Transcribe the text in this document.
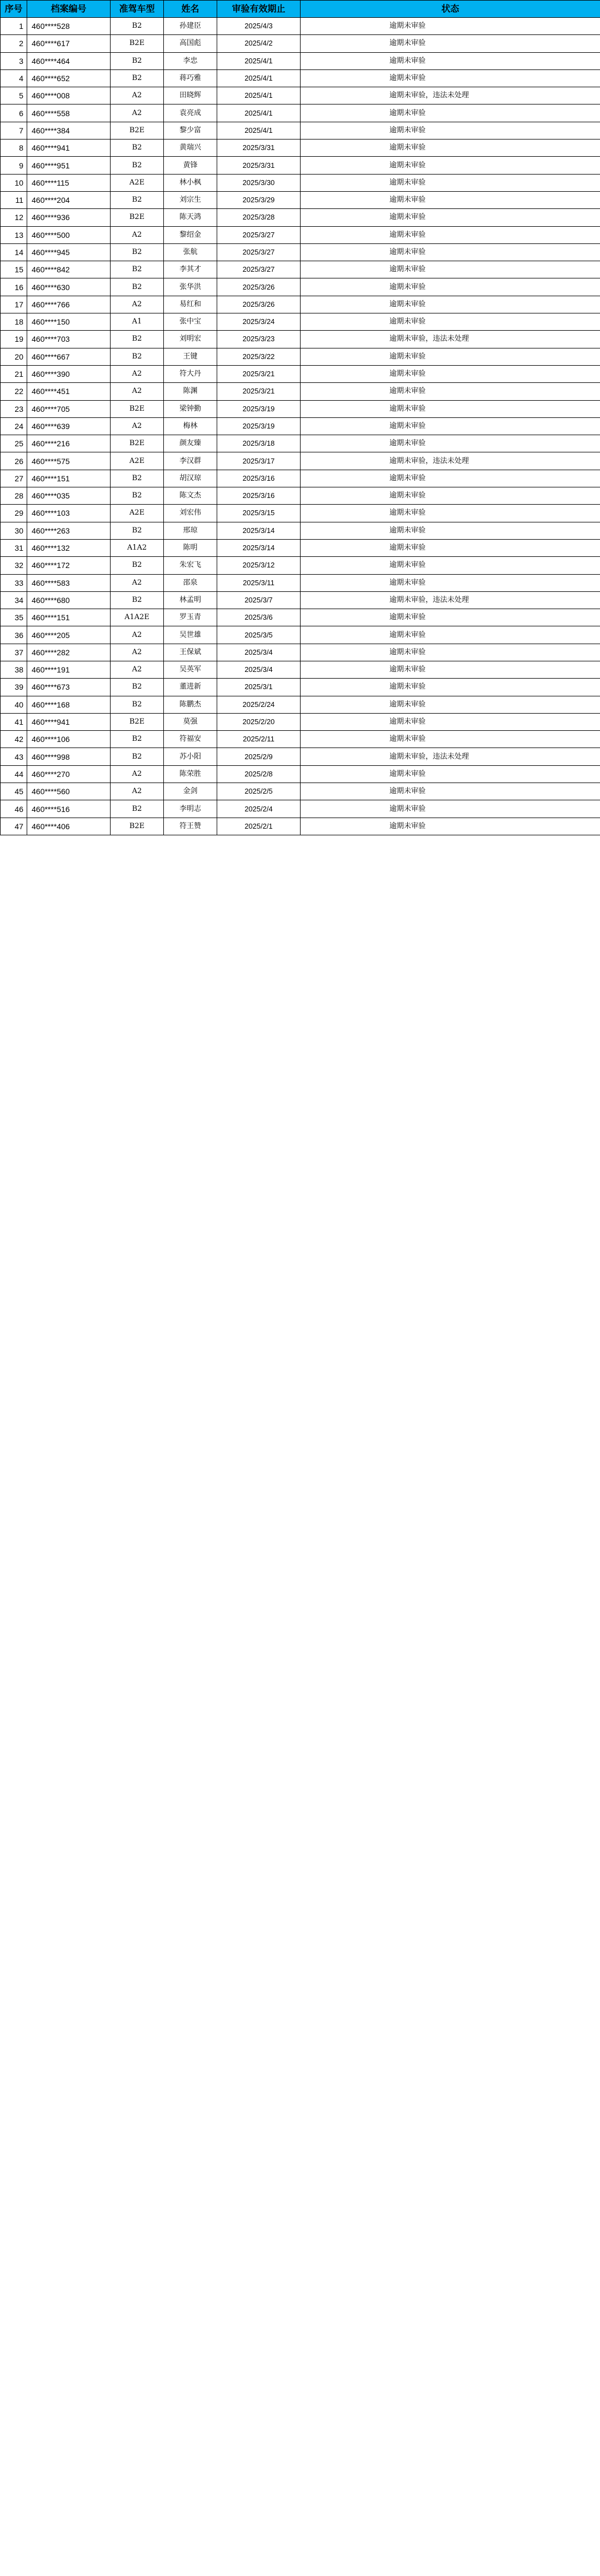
序号	档案编号	准驾车型	姓名	审验有效期止	状态
1	460****528	B2	孙建臣	2025/4/3	逾期未审验
2	460****617	B2E	高国彪	2025/4/2	逾期未审验
3	460****464	B2	李忠	2025/4/1	逾期未审验
4	460****652	B2	蒋巧雅	2025/4/1	逾期未审验
5	460****008	A2	田晓辉	2025/4/1	逾期未审验，违法未处理
6	460****558	A2	袁亮成	2025/4/1	逾期未审验
7	460****384	B2E	黎少富	2025/4/1	逾期未审验
8	460****941	B2	黄瑞兴	2025/3/31	逾期未审验
9	460****951	B2	黄锋	2025/3/31	逾期未审验
10	460****115	A2E	林小枫	2025/3/30	逾期未审验
11	460****204	B2	刘宗生	2025/3/29	逾期未审验
12	460****936	B2E	陈天鸿	2025/3/28	逾期未审验
13	460****500	A2	黎绍金	2025/3/27	逾期未审验
14	460****945	B2	张航	2025/3/27	逾期未审验
15	460****842	B2	李其才	2025/3/27	逾期未审验
16	460****630	B2	张华洪	2025/3/26	逾期未审验
17	460****766	A2	易红和	2025/3/26	逾期未审验
18	460****150	A1	张中宝	2025/3/24	逾期未审验
19	460****703	B2	刘明宏	2025/3/23	逾期未审验，违法未处理
20	460****667	B2	王键	2025/3/22	逾期未审验
21	460****390	A2	符大丹	2025/3/21	逾期未审验
22	460****451	A2	陈渊	2025/3/21	逾期未审验
23	460****705	B2E	梁钟勤	2025/3/19	逾期未审验
24	460****639	A2	梅林	2025/3/19	逾期未审验
25	460****216	B2E	颜友臻	2025/3/18	逾期未审验
26	460****575	A2E	李汉群	2025/3/17	逾期未审验，违法未处理
27	460****151	B2	胡汉琼	2025/3/16	逾期未审验
28	460****035	B2	陈文杰	2025/3/16	逾期未审验
29	460****103	A2E	刘宏伟	2025/3/15	逾期未审验
30	460****263	B2	邢琼	2025/3/14	逾期未审验
31	460****132	A1A2	陈明	2025/3/14	逾期未审验
32	460****172	B2	朱宏飞	2025/3/12	逾期未审验
33	460****583	A2	邵泉	2025/3/11	逾期未审验
34	460****680	B2	林孟明	2025/3/7	逾期未审验，违法未处理
35	460****151	A1A2E	罗玉青	2025/3/6	逾期未审验
36	460****205	A2	吴世雄	2025/3/5	逾期未审验
37	460****282	A2	王保斌	2025/3/4	逾期未审验
38	460****191	A2	吴英军	2025/3/4	逾期未审验
39	460****673	B2	董进新	2025/3/1	逾期未审验
40	460****168	B2	陈鹏杰	2025/2/24	逾期未审验
41	460****941	B2E	莫强	2025/2/20	逾期未审验
42	460****106	B2	符福安	2025/2/11	逾期未审验
43	460****998	B2	苏小阳	2025/2/9	逾期未审验，违法未处理
44	460****270	A2	陈荣胜	2025/2/8	逾期未审验
45	460****560	A2	金剑	2025/2/5	逾期未审验
46	460****516	B2	李明志	2025/2/4	逾期未审验
47	460****406	B2E	符王赞	2025/2/1	逾期未审验
